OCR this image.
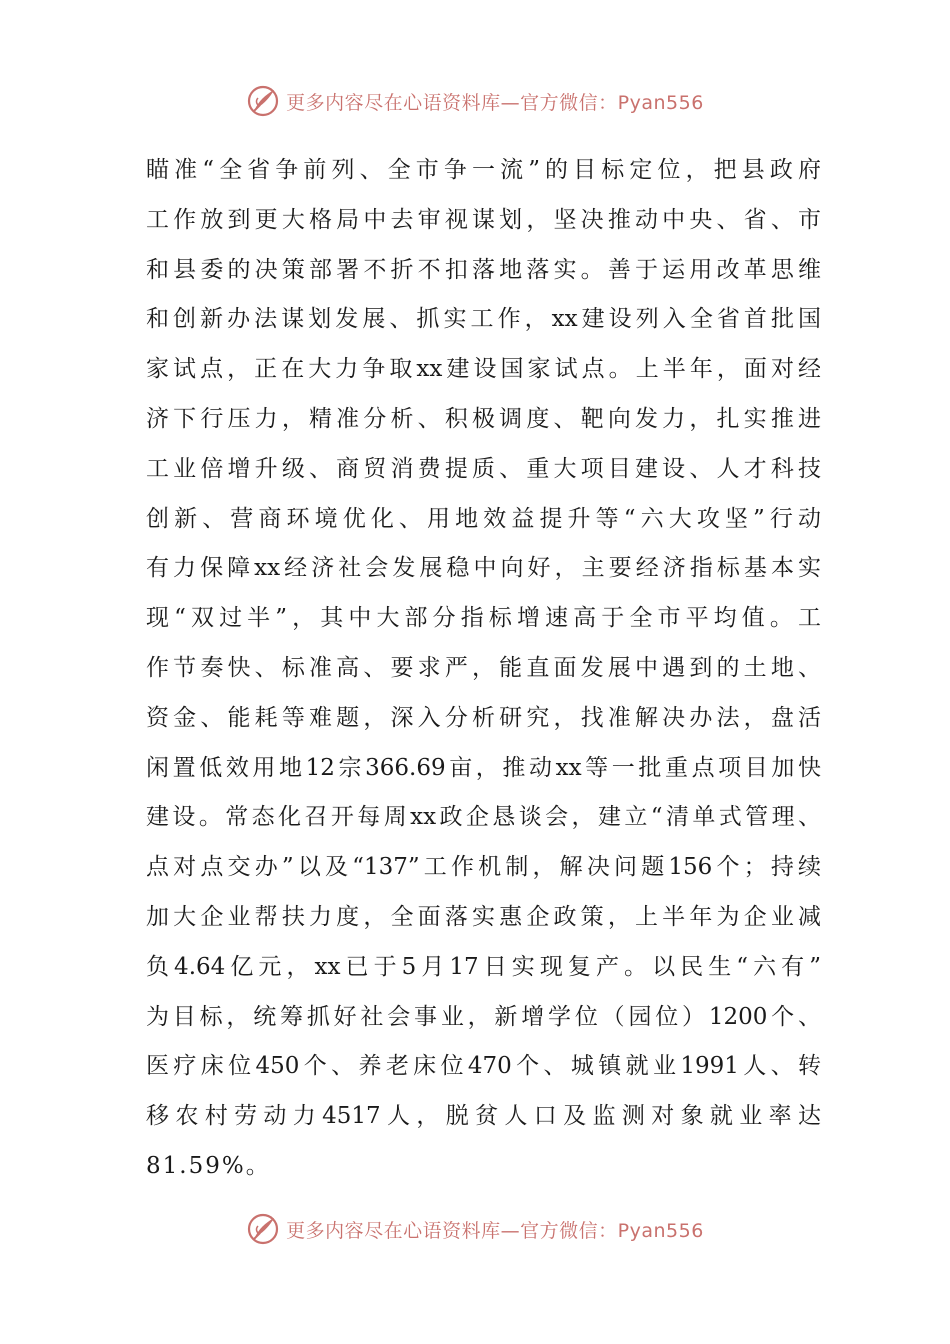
更多内容尽在心语资料库—官方微信：Pyan556
瞄准“全省争前列、全市争一流”的目标定位，把县政府
工作放到更大格局中去审视谋划，坚决推动中央、省、市
和县委的决策部署不折不扣落地落实。善于运用改革思维
和创新办法谋划发展、抓实工作，xx建设列入全省首批国
家试点，正在大力争取xx建设国家试点。上半年，面对经
济下行压力，精准分析、积极调度、靶向发力，扎实推进
工业倍增升级、商贸消费提质、重大项目建设、人才科技
创新、营商环境优化、用地效益提升等“六大攻坚”行动
有力保障xx经济社会发展稳中向好，主要经济指标基本实
现“双过半”，其中大部分指标增速高于全市平均值。工
作节奏快、标准高、要求严，能直面发展中遇到的土地、
资金、能耗等难题，深入分析研究，找准解决办法，盘活
闲置低效用地12宗366.69亩，推动xx等一批重点项目加快
建设。常态化召开每周xx政企恳谈会，建立“清单式管理、
点对点交办”以及“137”工作机制，解决问题156个；持续
加大企业帮扶力度，全面落实惠企政策，上半年为企业减
负4.64亿元，xx已于5月17日实现复产。以民生“六有”
为目标，统筹抓好社会事业，新增学位（园位）1200个、
医疗床位450个、养老床位470个、城镇就业1991人、转
移农村劳动力4517人，脱贫人口及监测对象就业率达
81.59%。
更多内容尽在心语资料库—官方微信：Pyan556
